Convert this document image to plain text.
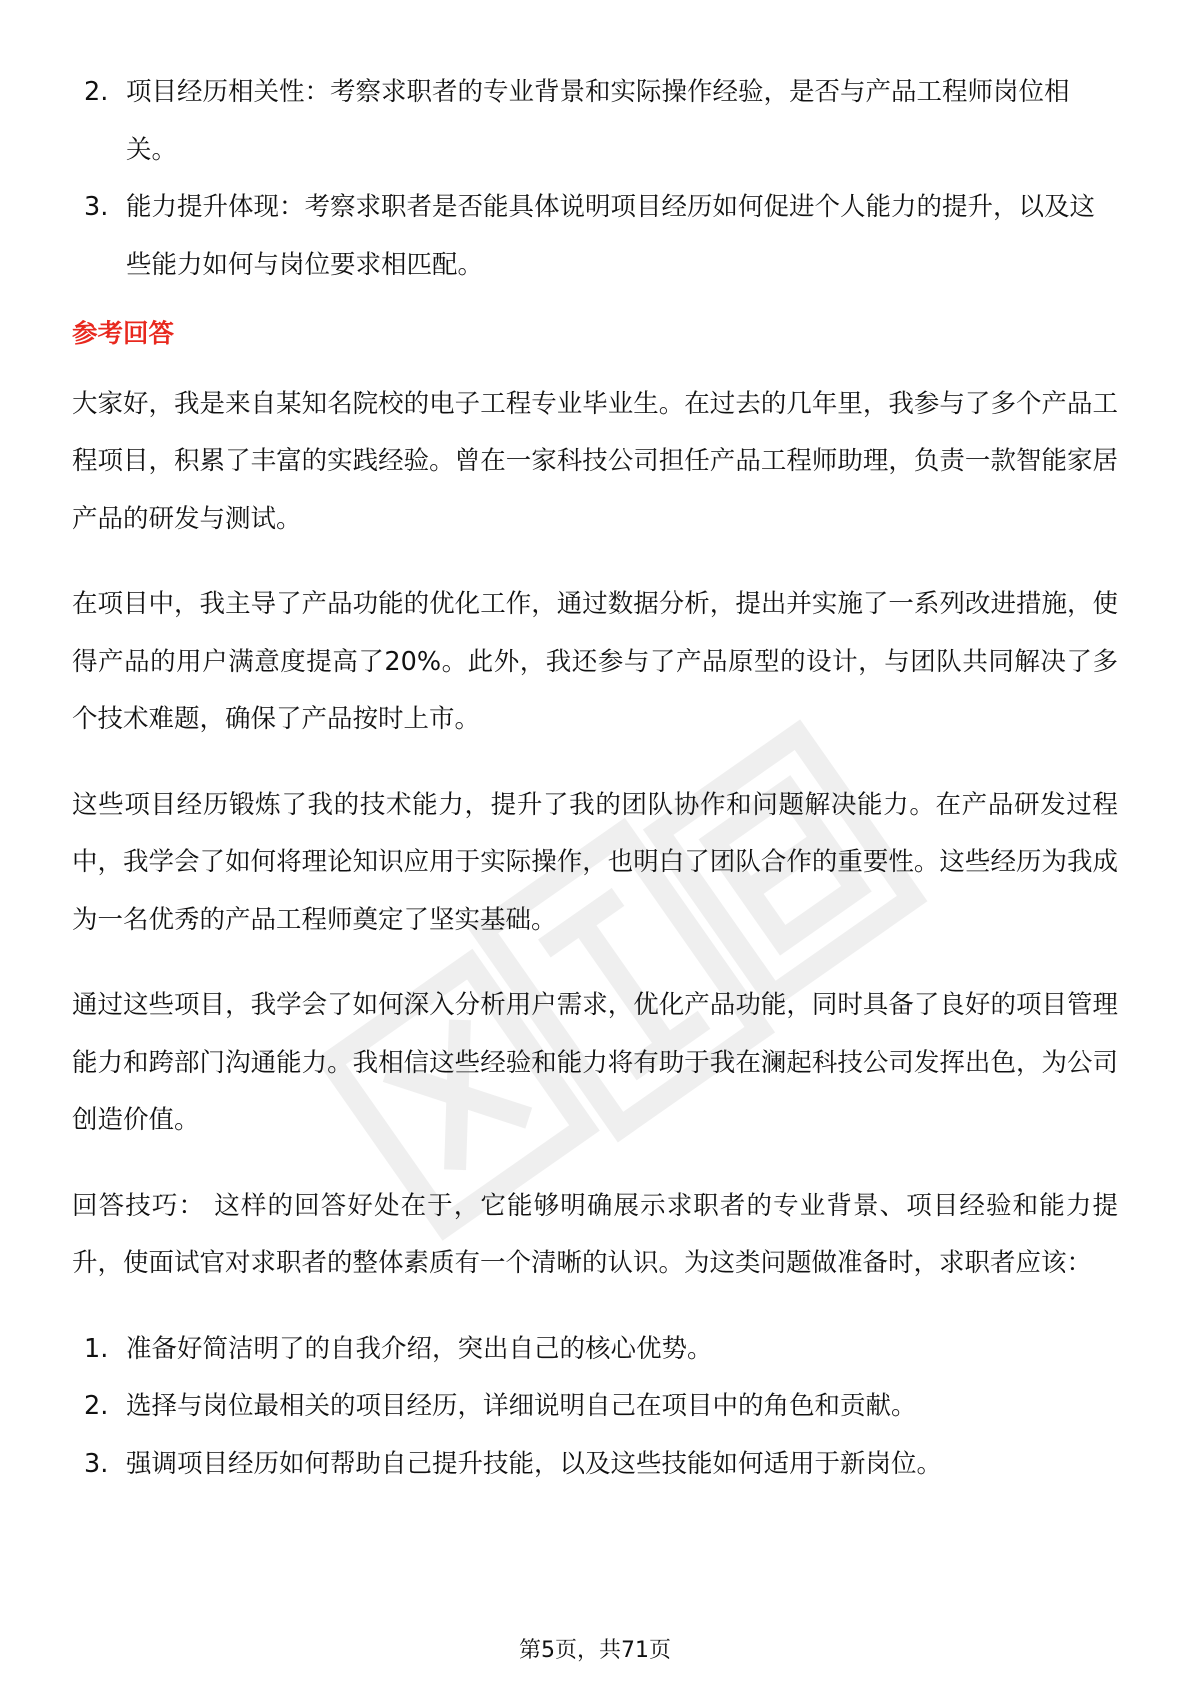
2. 项目经历相关性：考察求职者的专业背景和实际操作经验，是否与产品工程师岗位相关。
3. 能力提升体现：考察求职者是否能具体说明项目经历如何促进个人能力的提升，以及这些能力如何与岗位要求相匹配。
参考回答

大家好，我是来自某知名院校的电子工程专业毕业生。在过去的几年里，我参与了多个产品工程项目，积累了丰富的实践经验。曾在一家科技公司担任产品工程师助理，负责一款智能家居产品的研发与测试。

在项目中，我主导了产品功能的优化工作，通过数据分析，提出并实施了一系列改进措施，使得产品的用户满意度提高了20%。此外，我还参与了产品原型的设计，与团队共同解决了多个技术难题，确保了产品按时上市。

这些项目经历锻炼了我的技术能力，提升了我的团队协作和问题解决能力。在产品研发过程中，我学会了如何将理论知识应用于实际操作，也明白了团队合作的重要性。这些经历为我成为一名优秀的产品工程师奠定了坚实基础。

通过这些项目，我学会了如何深入分析用户需求，优化产品功能，同时具备了良好的项目管理能力和跨部门沟通能力。我相信这些经验和能力将有助于我在澜起科技公司发挥出色，为公司创造价值。

回答技巧： 这样的回答好处在于，它能够明确展示求职者的专业背景、项目经验和能力提升，使面试官对求职者的整体素质有一个清晰的认识。为这类问题做准备时，求职者应该：

1. 准备好简洁明了的自我介绍，突出自己的核心优势。
2. 选择与岗位最相关的项目经历，详细说明自己在项目中的角色和贡献。
3. 强调项目经历如何帮助自己提升技能，以及这些技能如何适用于新岗位。
第5页，共71页
